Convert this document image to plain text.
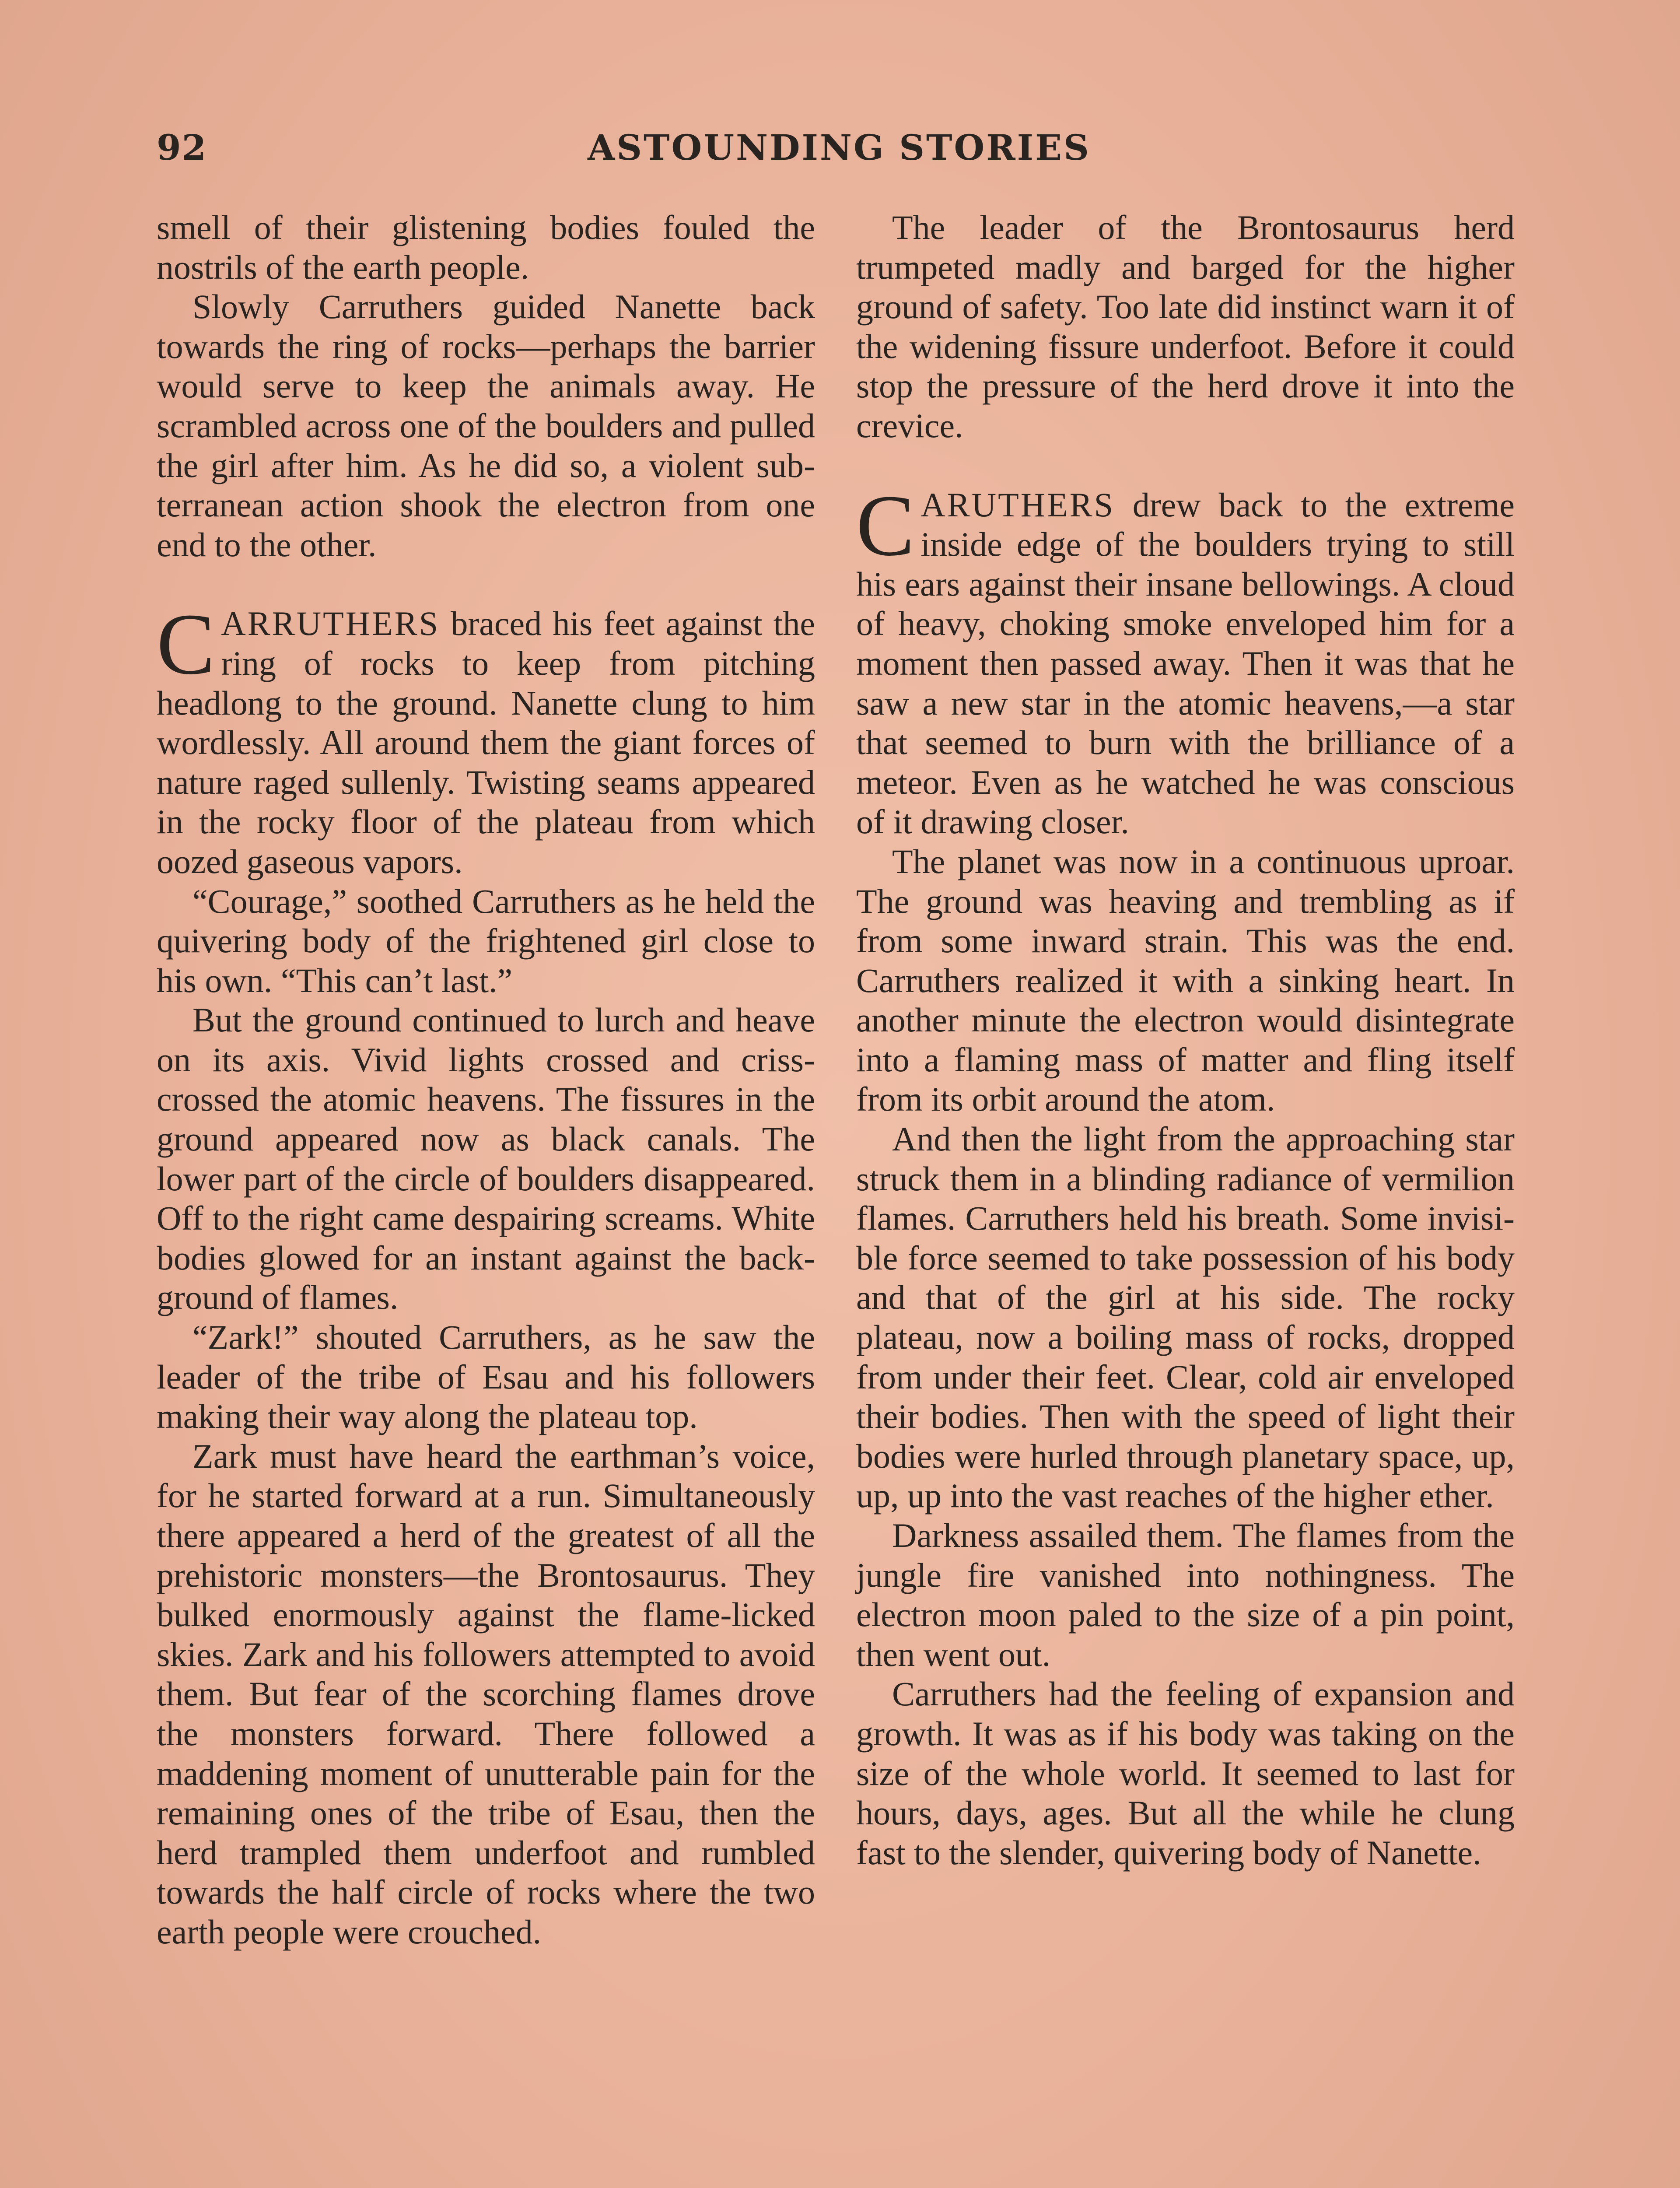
92	ASTOUNDING STORIES

smell of their glistening bodies fouled the nostrils of the earth people.

Slowly Carruthers guided Nanette back towards the ring of rocks—perhaps the barrier would serve to keep the animals away. He scrambled across one of the boulders and pulled the girl after him. As he did so, a violent subterranean action shook the electron from one end to the other.

CARRUTHERS braced his feet against the ring of rocks to keep from pitching headlong to the ground. Nanette clung to him wordlessly. All around them the giant forces of nature raged sullenly. Twisting seams appeared in the rocky floor of the plateau from which oozed gaseous vapors.

“Courage,” soothed Carruthers as he held the quivering body of the frightened girl close to his own. “This can’t last.”

But the ground continued to lurch and heave on its axis. Vivid lights crossed and criss-crossed the atomic heavens. The fissures in the ground appeared now as black canals. The lower part of the circle of boulders disappeared. Off to the right came despairing screams. White bodies glowed for an instant against the background of flames.

“Zark!” shouted Carruthers, as he saw the leader of the tribe of Esau and his followers making their way along the plateau top.

Zark must have heard the earthman’s voice, for he started forward at a run. Simultaneously there appeared a herd of the greatest of all the prehistoric monsters—the Brontosaurus. They bulked enormously against the flame-licked skies. Zark and his followers attempted to avoid them. But fear of the scorching flames drove the monsters forward. There followed a maddening moment of unutterable pain for the remaining ones of the tribe of Esau, then the herd trampled them underfoot and rumbled towards the half circle of rocks where the two earth people were crouched.

The leader of the Brontosaurus herd trumpeted madly and barged for the higher ground of safety. Too late did instinct warn it of the widening fissure underfoot. Before it could stop the pressure of the herd drove it into the crevice.

CARUTHERS drew back to the extreme inside edge of the boulders trying to still his ears against their insane bellowings. A cloud of heavy, choking smoke enveloped him for a moment then passed away. Then it was that he saw a new star in the atomic heavens,—a star that seemed to burn with the brilliance of a meteor. Even as he watched he was conscious of it drawing closer.

The planet was now in a continuous uproar. The ground was heaving and trembling as if from some inward strain. This was the end. Carruthers realized it with a sinking heart. In another minute the electron would disintegrate into a flaming mass of matter and fling itself from its orbit around the atom.

And then the light from the approaching star struck them in a blinding radiance of vermilion flames. Carruthers held his breath. Some invisible force seemed to take possession of his body and that of the girl at his side. The rocky plateau, now a boiling mass of rocks, dropped from under their feet. Clear, cold air enveloped their bodies. Then with the speed of light their bodies were hurled through planetary space, up, up, up into the vast reaches of the higher ether.

Darkness assailed them. The flames from the jungle fire vanished into nothingness. The electron moon paled to the size of a pin point, then went out.

Carruthers had the feeling of expansion and growth. It was as if his body was taking on the size of the whole world. It seemed to last for hours, days, ages. But all the while he clung fast to the slender, quivering body of Nanette.
